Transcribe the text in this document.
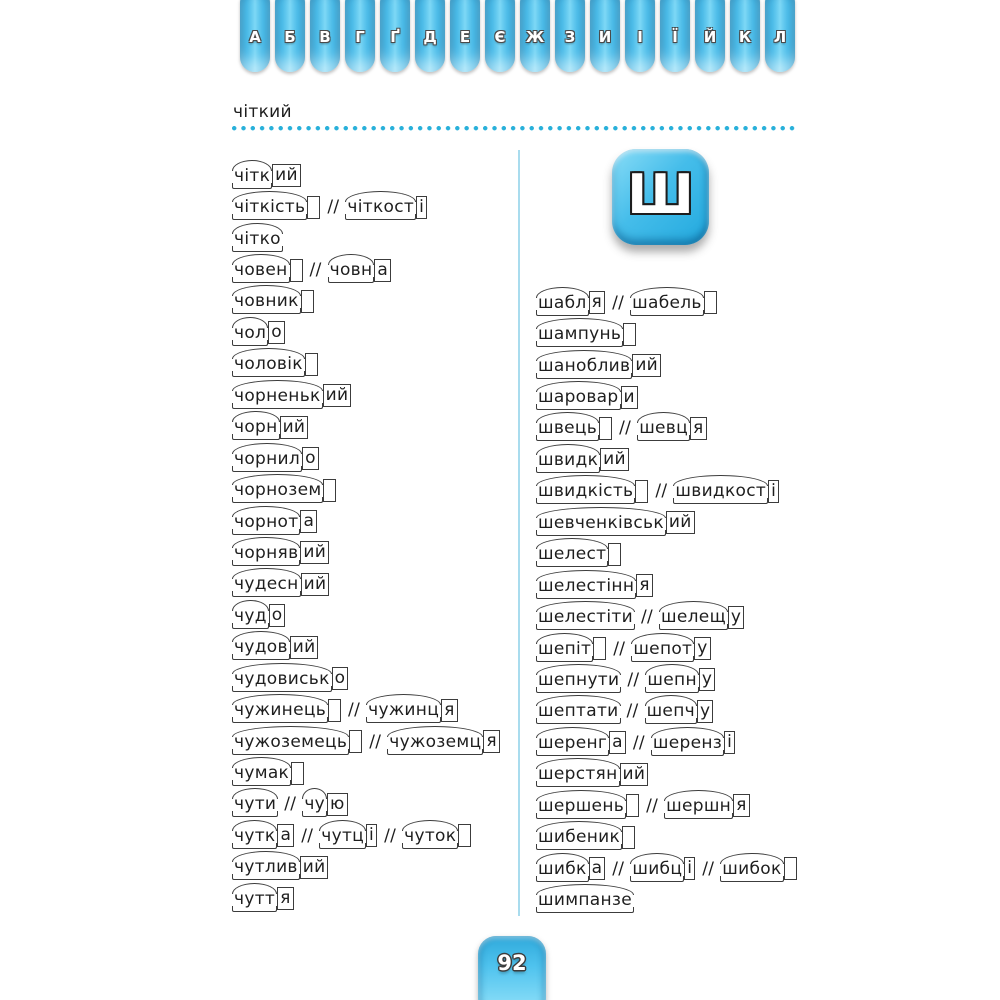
А Б В Г Ґ Д Е Є Ж З И І Ї Й К Л
чіткий
Ш
чітк ий
чіткість // чіткост і
чітко
човен // човн а
човник
чол о
чоловік
чорненьк ий
чорн ий
чорнил о
чорнозем
чорнот а
чорняв ий
чудесн ий
чуд о
чудов ий
чудовиськ о
чужинець // чужинц я
чужоземець // чужоземц я
чумак
чути // чу ю
чутк а // чутц і // чуток
чутлив ий
чутт я
шабл я // шабель
шампунь
шаноблив ий
шаровар и
швець // шевц я
швидк ий
швидкість // швидкост і
шевченківськ ий
шелест
шелестінн я
шелестіти // шелещ у
шепіт // шепот у
шепнути // шепн у
шептати // шепч у
шеренг а // шеренз і
шерстян ий
шершень // шершн я
шибеник
шибк а // шибц і // шибок
шимпанзе
92
